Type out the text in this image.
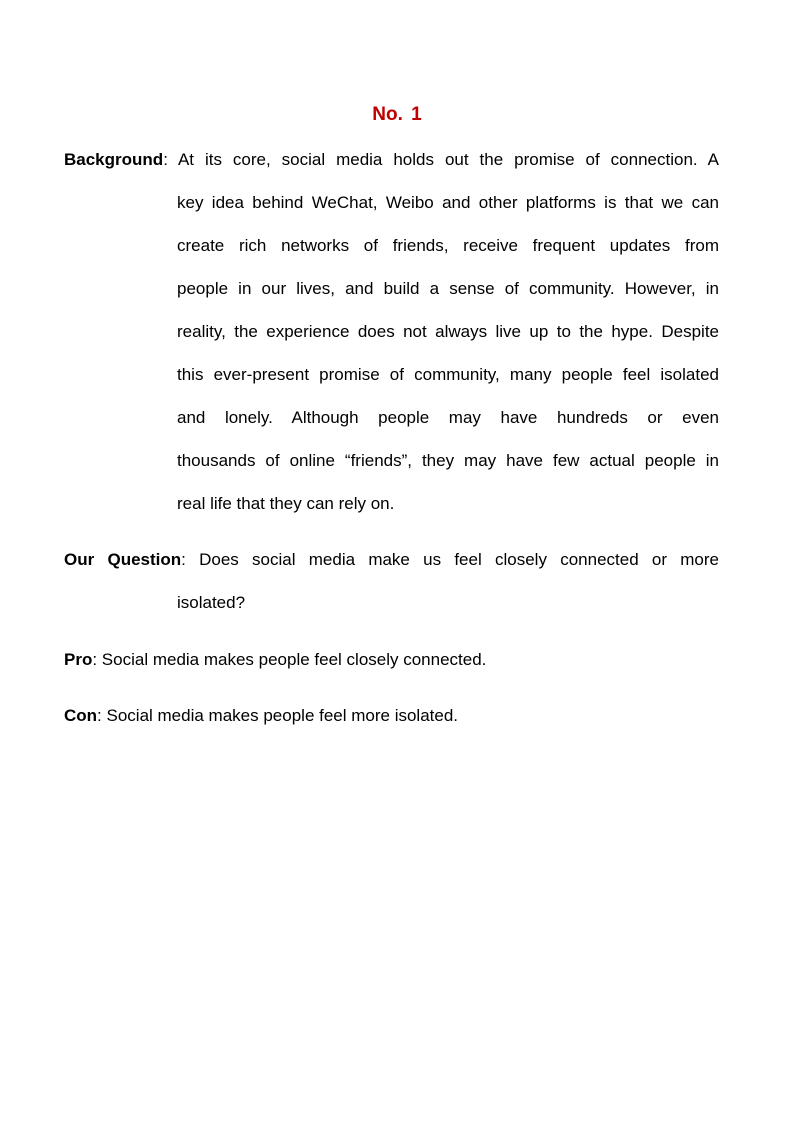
No. 1
Background: At its core, social media holds out the promise of connection. A
key idea behind WeChat, Weibo and other platforms is that we can
create rich networks of friends, receive frequent updates from
people in our lives, and build a sense of community. However, in
reality, the experience does not always live up to the hype. Despite
this ever-present promise of community, many people feel isolated
and lonely. Although people may have hundreds or even
thousands of online “friends”, they may have few actual people in
real life that they can rely on.
Our Question: Does social media make us feel closely connected or more
isolated?
Pro: Social media makes people feel closely connected.
Con: Social media makes people feel more isolated.
